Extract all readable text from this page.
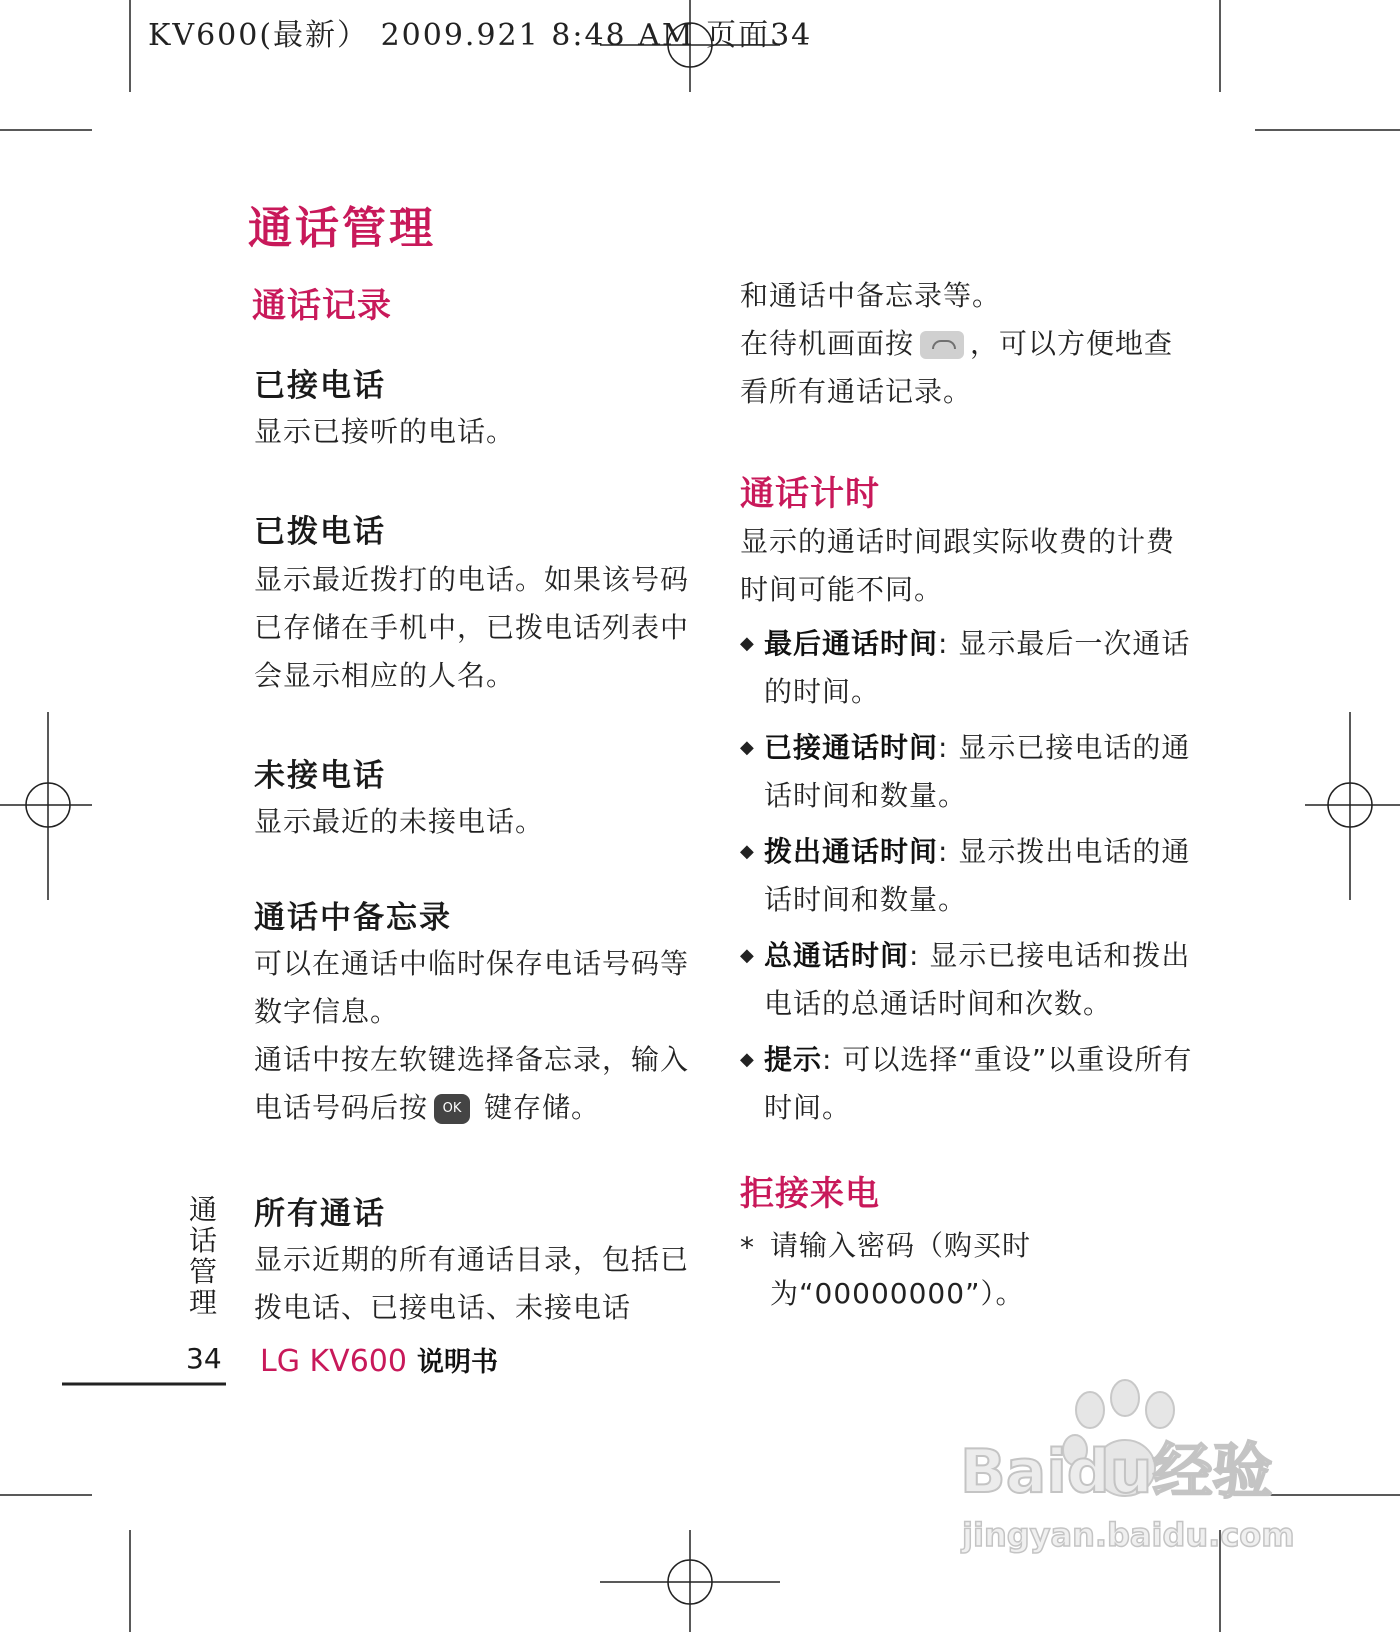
KV600(最新） 2009.921 8:48 AM 页面34
通话管理
通话记录
已接电话

显示已接听的电话。

已拨电话

显示最近拨打的电话。如果该号码已存储在手机中，已拨电话列表中会显示相应的人名。

未接电话

显示最近的未接电话。

通话中备忘录

可以在通话中临时保存电话号码等数字信息。

通话中按左软键选择备忘录，输入电话号码后按 OK 键存储。

所有通话

显示近期的所有通话目录，包括已拨电话、已接电话、未接电话

和通话中备忘录等。

在待机画面按 ，可以方便地查看所有通话记录。

通话计时

显示的通话时间跟实际收费的计费时间可能不同。

◆ 最后通话时间: 显示最后一次通话的时间。
◆ 已接通话时间: 显示已接电话的通话时间和数量。
◆ 拨出通话时间: 显示拨出电话的通话时间和数量。
◆ 总通话时间: 显示已接电话和拨出电话的总通话时间和次数。
◆ 提示: 可以选择“重设”以重设所有时间。
拒接来电
* 请输入密码（购买时为“00000000”）。
通话管理
34 LG KV600 说明书
Baidu经验
jingyan.baidu.com
